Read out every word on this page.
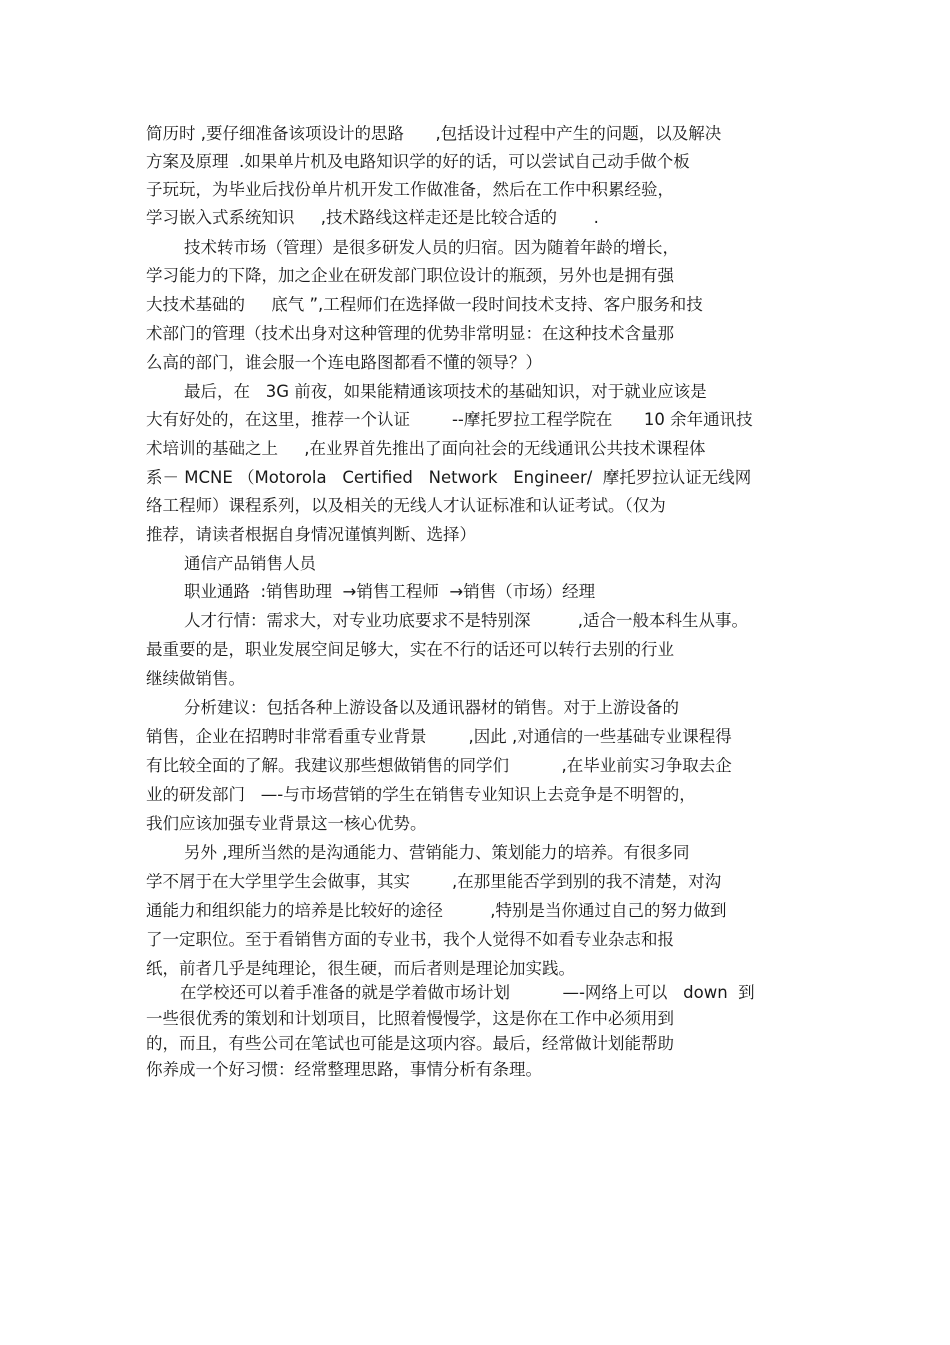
简历时 ,要仔细准备该项设计的思路      ,包括设计过程中产生的问题，以及解决

方案及原理  .如果单片机及电路知识学的好的话，可以尝试自己动手做个板

子玩玩，为毕业后找份单片机开发工作做准备，然后在工作中积累经验，

学习嵌入式系统知识     ,技术路线这样走还是比较合适的       .

技术转市场（管理）是很多研发人员的归宿。因为随着年龄的增长，

学习能力的下降，加之企业在研发部门职位设计的瓶颈，另外也是拥有强

大技术基础的     底气 ”,工程师们在选择做一段时间技术支持、客户服务和技

术部门的管理（技术出身对这种管理的优势非常明显：在这种技术含量那

么高的部门，谁会服一个连电路图都看不懂的领导？）

最后，在   3G 前夜，如果能精通该项技术的基础知识，对于就业应该是

大有好处的，在这里，推荐一个认证        --摩托罗拉工程学院在      10 余年通讯技

术培训的基础之上     ,在业界首先推出了面向社会的无线通讯公共技术课程体

系－ MCNE （Motorola   Certified   Network   Engineer/  摩托罗拉认证无线网

络工程师）课程系列，以及相关的无线人才认证标准和认证考试。（仅为

推荐，请读者根据自身情况谨慎判断、选择）

通信产品销售人员

职业通路  :销售助理  →销售工程师  →销售（市场）经理

人才行情：需求大，对专业功底要求不是特别深         ,适合一般本科生从事。

最重要的是，职业发展空间足够大，实在不行的话还可以转行去别的行业

继续做销售。

分析建议：包括各种上游设备以及通讯器材的销售。对于上游设备的

销售，企业在招聘时非常看重专业背景        ,因此 ,对通信的一些基础专业课程得

有比较全面的了解。我建议那些想做销售的同学们          ,在毕业前实习争取去企

业的研发部门   —-与市场营销的学生在销售专业知识上去竞争是不明智的，

我们应该加强专业背景这一核心优势。

另外 ,理所当然的是沟通能力、营销能力、策划能力的培养。有很多同

学不屑于在大学里学生会做事，其实        ,在那里能否学到别的我不清楚，对沟

通能力和组织能力的培养是比较好的途径         ,特别是当你通过自己的努力做到

了一定职位。至于看销售方面的专业书，我个人觉得不如看专业杂志和报

纸，前者几乎是纯理论，很生硬，而后者则是理论加实践。

在学校还可以着手准备的就是学着做市场计划          —-网络上可以   down  到

一些很优秀的策划和计划项目，比照着慢慢学，这是你在工作中必须用到

的，而且，有些公司在笔试也可能是这项内容。最后，经常做计划能帮助

你养成一个好习惯：经常整理思路，事情分析有条理。
